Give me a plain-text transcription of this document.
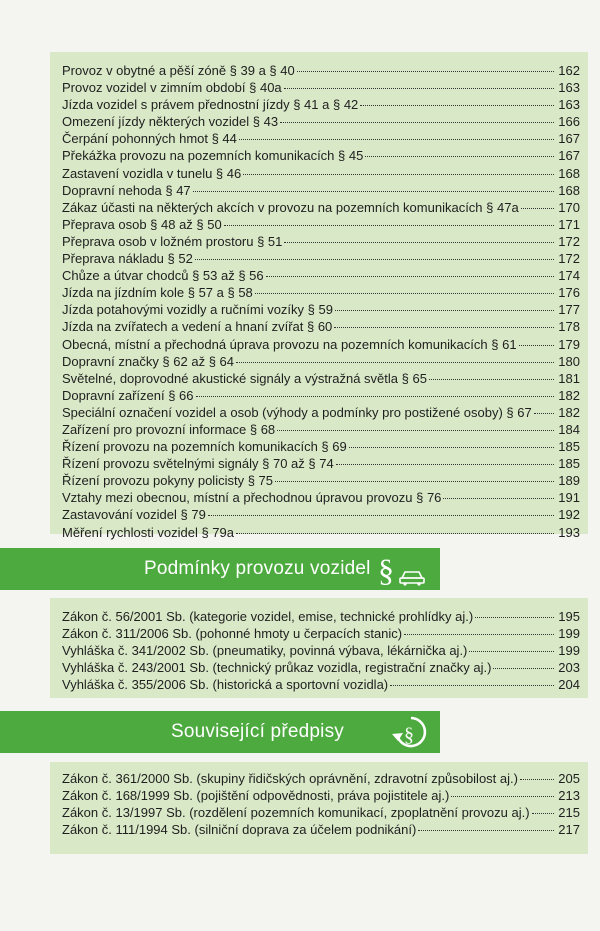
Provoz v obytné a pěší zóně § 39 a § 40	162
Provoz vozidel v zimním období § 40a	163
Jízda vozidel s právem přednostní jízdy § 41 a § 42	163
Omezení jízdy některých vozidel § 43	166
Čerpání pohonných hmot § 44	167
Překážka provozu na pozemních komunikacích § 45	167
Zastavení vozidla v tunelu § 46	168
Dopravní nehoda § 47	168
Zákaz účasti na některých akcích v provozu na pozemních komunikacích § 47a	170
Přeprava osob § 48 až § 50	171
Přeprava osob v ložném prostoru § 51	172
Přeprava nákladu § 52	172
Chůze a útvar chodců § 53 až § 56	174
Jízda na jízdním kole § 57 a § 58	176
Jízda potahovými vozidly a ručními vozíky § 59	177
Jízda na zvířatech a vedení a hnaní zvířat § 60	178
Obecná, místní a přechodná úprava provozu na pozemních komunikacích § 61	179
Dopravní značky § 62 až § 64	180
Světelné, doprovodné akustické signály a výstražná světla § 65	181
Dopravní zařízení § 66	182
Speciální označení vozidel a osob (výhody a podmínky pro postižené osoby) § 67 182
Zařízení pro provozní informace § 68	184
Řízení provozu na pozemních komunikacích § 69	185
Řízení provozu světelnými signály § 70 až § 74	185
Řízení provozu pokyny policisty § 75	189
Vztahy mezi obecnou, místní a přechodnou úpravou provozu § 76	191
Zastavování vozidel § 79	192
Měření rychlosti vozidel § 79a	193
Podmínky provozu vozidel §
Zákon č. 56/2001 Sb. (kategorie vozidel, emise, technické prohlídky aj.)	195
Zákon č. 311/2006 Sb. (pohonné hmoty u čerpacích stanic)	199
Vyhláška č. 341/2002 Sb. (pneumatiky, povinná výbava, lékárnička aj.)	199
Vyhláška č. 243/2001 Sb. (technický průkaz vozidla, registrační značky aj.)	203
Vyhláška č. 355/2006 Sb. (historická a sportovní vozidla)	204
Související předpisy	§
Zákon č. 361/2000 Sb. (skupiny řidičských oprávnění, zdravotní způsobilost aj.)	205
Zákon č. 168/1999 Sb. (pojištění odpovědnosti, práva pojistitele aj.)	213
Zákon č. 13/1997 Sb. (rozdělení pozemních komunikací, zpoplatnění provozu aj.) 215
Zákon č. 111/1994 Sb. (silniční doprava za účelem podnikání)	217
